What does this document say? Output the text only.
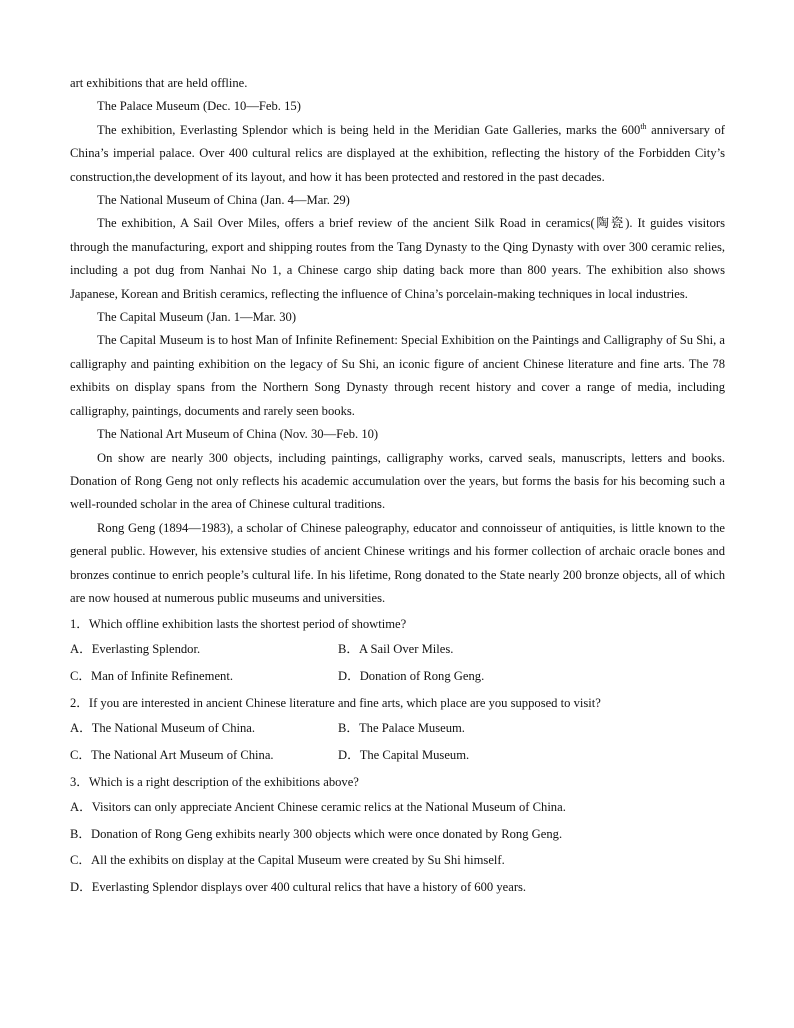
art exhibitions that are held offline.

The Palace Museum (Dec. 10—Feb. 15)

The exhibition, Everlasting Splendor which is being held in the Meridian Gate Galleries, marks the 600th anniversary of China’s imperial palace. Over 400 cultural relics are displayed at the exhibition, reflecting the history of the Forbidden City’s construction,the development of its layout, and how it has been protected and restored in the past decades.

The National Museum of China (Jan. 4—Mar. 29)

The exhibition, A Sail Over Miles, offers a brief review of the ancient Silk Road in ceramics(陶瓷). It guides visitors through the manufacturing, export and shipping routes from the Tang Dynasty to the Qing Dynasty with over 300 ceramic relies, including a pot dug from Nanhai No 1, a Chinese cargo ship dating back more than 800 years. The exhibition also shows Japanese, Korean and British ceramics, reflecting the influence of China’s porcelain-making techniques in local industries.

The Capital Museum (Jan. 1—Mar. 30)

The Capital Museum is to host Man of Infinite Refinement: Special Exhibition on the Paintings and Calligraphy of Su Shi, a calligraphy and painting exhibition on the legacy of Su Shi, an iconic figure of ancient Chinese literature and fine arts. The 78 exhibits on display spans from the Northern Song Dynasty through recent history and cover a range of media, including calligraphy, paintings, documents and rarely seen books.

The National Art Museum of China (Nov. 30—Feb. 10)

On show are nearly 300 objects, including paintings, calligraphy works, carved seals, manuscripts, letters and books. Donation of Rong Geng not only reflects his academic accumulation over the years, but forms the basis for his becoming such a well-rounded scholar in the area of Chinese cultural traditions.

Rong Geng (1894—1983), a scholar of Chinese paleography, educator and connoisseur of antiquities, is little known to the general public. However, his extensive studies of ancient Chinese writings and his former collection of archaic oracle bones and bronzes continue to enrich people’s cultural life. In his lifetime, Rong donated to the State nearly 200 bronze objects, all of which are now housed at numerous public museums and universities.

1．Which offline exhibition lasts the shortest period of showtime?

A．Everlasting Splendor.	B．A Sail Over Miles.
C．Man of Infinite Refinement.	D．Donation of Rong Geng.

2．If you are interested in ancient Chinese literature and fine arts, which place are you supposed to visit?

A．The National Museum of China.	B．The Palace Museum.
C．The National Art Museum of China.	D．The Capital Museum.

3．Which is a right description of the exhibitions above?

A．Visitors can only appreciate Ancient Chinese ceramic relics at the National Museum of China.
B．Donation of Rong Geng exhibits nearly 300 objects which were once donated by Rong Geng.
C．All the exhibits on display at the Capital Museum were created by Su Shi himself.
D．Everlasting Splendor displays over 400 cultural relics that have a history of 600 years.
